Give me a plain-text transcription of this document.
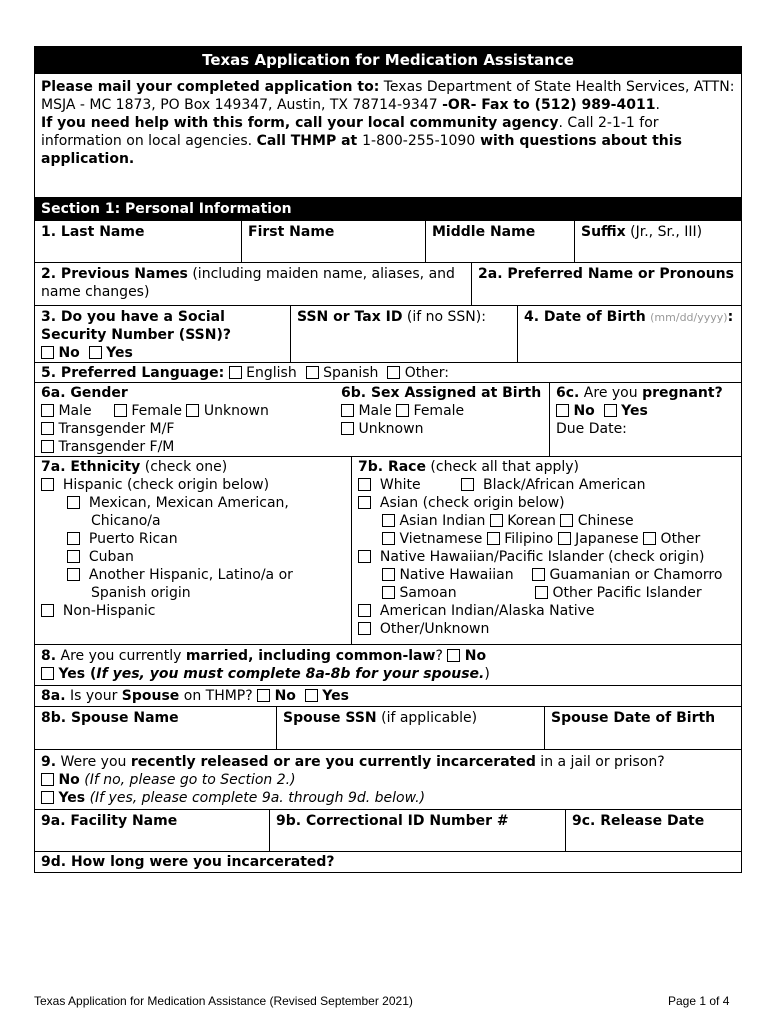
Texas Application for Medication Assistance

Please mail your completed application to: Texas Department of State Health Services, ATTN:

MSJA - MC 1873, PO Box 149347, Austin, TX 78714-9347 -OR- Fax to (512) 989-4011.

If you need help with this form, call your local community agency. Call 2-1-1 for

information on local agencies. Call THMP at 1-800-255-1090 with questions about this

application.

Section 1: Personal Information
1. Last Name	First Name	Middle Name	Suffix (Jr., Sr., III)
2. Previous Names (including maiden name, aliases, and
name changes)
2a. Preferred Name or Pronouns
3. Do you have a Social
Security Number (SSN)?
No Yes
SSN or Tax ID (if no SSN):	4. Date of Birth (mm/dd/yyyy):
5. Preferred Language: English Spanish Other:
6a. Gender
Male	Female Unknown
Transgender M/F
Transgender F/M
6b. Sex Assigned at Birth
Male Female
Unknown
6c. Are you pregnant?
No Yes
Due Date:
7a. Ethnicity (check one)
Hispanic (check origin below)
Mexican, Mexican American,
Chicano/a
Puerto Rican
Cuban
Another Hispanic, Latino/a or
Spanish origin
Non-Hispanic
7b. Race (check all that apply)
White	Black/African American
Asian (check origin below)
Asian Indian Korean Chinese
Vietnamese Filipino Japanese Other
Native Hawaiian/Pacific Islander (check origin)
Native Hawaiian	Guamanian or Chamorro
Samoan	Other Pacific Islander
American Indian/Alaska Native
Other/Unknown
8. Are you currently married, including common-law? No
Yes (If yes, you must complete 8a-8b for your spouse.)
8a. Is your Spouse on THMP? No Yes
8b. Spouse Name	Spouse SSN (if applicable)	Spouse Date of Birth
9. Were you recently released or are you currently incarcerated in a jail or prison?
No (If no, please go to Section 2.)
Yes (If yes, please complete 9a. through 9d. below.)
9a. Facility Name	9b. Correctional ID Number #	9c. Release Date
9d. How long were you incarcerated?
Texas Application for Medication Assistance (Revised September 2021)	Page 1 of 4
